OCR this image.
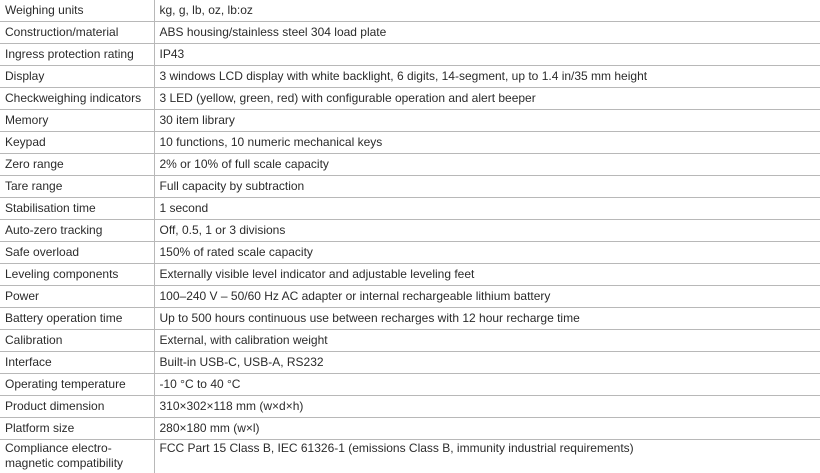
Weighing units	kg, g, lb, oz, lb:oz
Construction/material	ABS housing/stainless steel 304 load plate
Ingress protection rating	IP43
Display	3 windows LCD display with white backlight, 6 digits, 14-segment, up to 1.4 in/35 mm height
Checkweighing indicators	3 LED (yellow, green, red) with configurable operation and alert beeper
Memory	30 item library
Keypad	10 functions, 10 numeric mechanical keys
Zero range	2% or 10% of full scale capacity
Tare range	Full capacity by subtraction
Stabilisation time	1 second
Auto-zero tracking	Off, 0.5, 1 or 3 divisions
Safe overload	150% of rated scale capacity
Leveling components	Externally visible level indicator and adjustable leveling feet
Power	100–240 V – 50/60 Hz AC adapter or internal rechargeable lithium battery
Battery operation time	Up to 500 hours continuous use between recharges with 12 hour recharge time
Calibration	External, with calibration weight
Interface	Built-in USB-C, USB-A, RS232
Operating temperature	-10 °C to 40 °C
Product dimension	310×302×118 mm (w×d×h)
Platform size	280×180 mm (w×l)
Compliance electro-magnetic compatibility	FCC Part 15 Class B, IEC 61326-1 (emissions Class B, immunity industrial requirements)
